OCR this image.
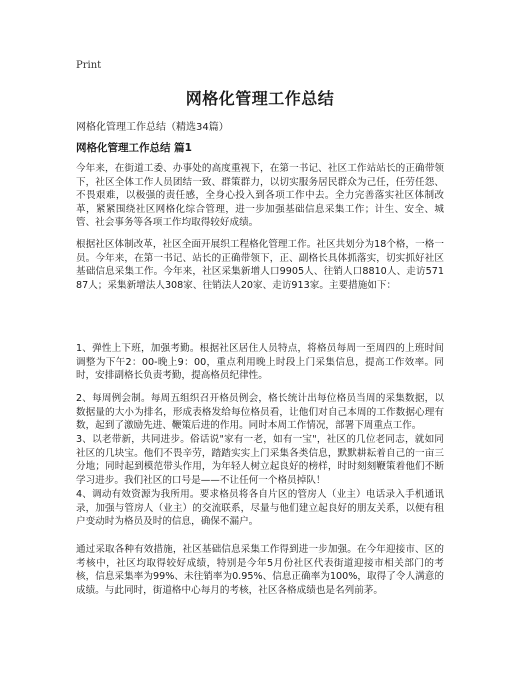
Print
网格化管理工作总结
网格化管理工作总结（精选34篇）
网格化管理工作总结 篇1

今年来，在街道工委、办事处的高度重视下，在第一书记、社区工作站站长的正确带领下，社区全体工作人员团结一致、群策群力，以切实服务居民群众为己任，任劳任怨、不畏艰难，以极强的责任感，全身心投入到各项工作中去。全力完善落实社区体制改革，紧紧围绕社区网格化综合管理，进一步加强基础信息采集工作；计生、安全、城管、社会事务等各项工作均取得较好成绩。

根据社区体制改革，社区全面开展织工程格化管理工作。社区共划分为18个格，一格一员。今年来，在第一书记、站长的正确带领下，正、副格长具体抓落实，切实抓好社区基础信息采集工作。今年来，社区采集新增人口9905人、往销人口8810人、走访57187人；采集新增法人308家、往销法人20家、走访913家。主要措施如下：

1、弹性上下班，加强考勤。根据社区居住人员特点，将格员每周一至周四的上班时间调整为下午2：00-晚上9：00，重点利用晚上时段上门采集信息，提高工作效率。同时，安排副格长负责考勤，提高格员纪律性。

2、每周例会制。每周五组织召开格员例会，格长统计出每位格员当周的采集数据，以数据量的大小为排名，形成表格发给每位格员看，让他们对自己本周的工作数据心理有数，起到了激励先进、鞭策后进的作用。同时本周工作情况，部署下周重点工作。

3、以老带新，共同进步。俗话说"家有一老，如有一宝"，社区的几位老同志，就如同社区的几块宝。他们不畏辛劳，踏踏实实上门采集各类信息，默默耕耘着自己的一亩三分地；同时起到模范带头作用，为年轻人树立起良好的榜样，时时刻刻鞭策着他们不断学习进步。我们社区的口号是——不让任何一个格员掉队！

4、调动有效资源为我所用。要求格员将各自片区的管房人（业主）电话录入手机通讯录，加强与管房人（业主）的交流联系，尽量与他们建立起良好的朋友关系，以便有租户变动时为格员及时的信息，确保不漏户。

通过采取各种有效措施，社区基础信息采集工作得到进一步加强。在今年迎接市、区的考核中，社区均取得较好成绩，特别是今年5月份社区代表街道迎接市相关部门的考核，信息采集率为99%、未往销率为0.95%、信息正确率为100%，取得了令人满意的成绩。与此同时，街道格中心每月的考核，社区各格成绩也是名列前茅。
